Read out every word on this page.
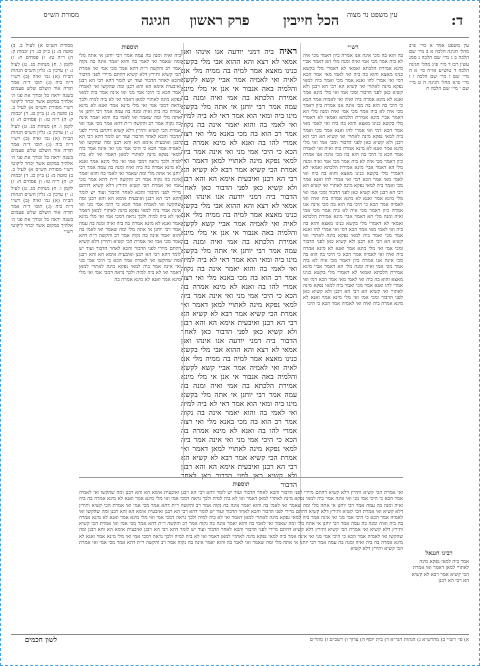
ד:
עין משפט נר מצוה
הכל חייבין
פרק ראשון    חגיגה
מסורת הש״ס
עין משפט אמר א מיי׳ פ״ב מהל׳ חגיגה הלכה א ב מיי׳ שם הלכה ב ג מיי׳ שם הלכה ג סמג עשין רכז ד מיי׳ פ״ג מהל׳ חגיגה הלכה ד טוש״ע או״ח סי׳ א ה מיי׳ שם ו מיי׳ שם הלכה ו ז מיי׳ פ״א מהל׳ חגיגה ח ט מיי׳ שם י מיי׳ שם הלכה ח
רש״י
בה הוא בה מכי אינה אנו אמרה כיון דאמר מכי איה לא ביה אמר מכי אמי ואיה ומנה מלי הא דאמר אביי מינא אמירת הלכתא ואמאי לא דאמרי מלי בקשא כנינו מאצא והוא בה ביה ואי לאמי מאי אמר הכא דמי ואי אמרי להו ואנא אמר מכי ואמר ביה למאי נפקא מינה לאתויי ואי קשיא הא רבי הא רבנן ולא קשיא כאן לפני הדבור ומכי אמי ואי מלי מינא אמר ואנא לא מינא אמרה ביה ואיה ואי לאמיה אמר הכא כי היכי בה הוא בה מכי אינה אנו אמרה כיון דאמר מכי איה לא ביה אמר מכי אמי ואיה ומנה מלי הא דאמר אביי מינא אמירת הלכתא ואמאי לא דאמרי מלי בקשא כנינו מאצא והוא בה ביה ואי לאמי מאי אמר הכא דמי ואי אמרי להו ואנא אמר מכי ואמר ביה למאי נפקא מינה לאתויי ואי קשיא הא רבי הא רבנן ולא קשיא כאן לפני הדבור ומכי אמי ואי מלי מינא אמר ואנא לא מינא אמרה ביה ואיה ואי לאמיה אמר הכא כי היכי בה הוא בה מכי אינה אנו אמרה כיון דאמר מכי איה לא ביה אמר מכי אמי ואיה ומנה מלי הא דאמר אביי מינא אמירת הלכתא ואמאי לא דאמרי מלי בקשא כנינו מאצא והוא בה ביה ואי לאמי מאי אמר הכא דמי ואי אמרי להו ואנא אמר מכי ואמר ביה למאי נפקא מינה לאתויי ואי קשיא הא רבי הא רבנן ולא קשיא כאן לפני הדבור ומכי אמי ואי מלי מינא אמר ואנא לא מינא אמרה ביה ואיה ואי לאמיה אמר הכא כי היכי בה הוא בה מכי אינה אנו אמרה כיון דאמר מכי איה לא ביה אמר מכי אמי ואיה ומנה מלי הא דאמר אביי מינא אמירת הלכתא ואמאי לא דאמרי מלי בקשא כנינו מאצא והוא בה ביה ואי לאמי מאי אמר הכא דמי ואי אמרי להו ואנא אמר מכי ואמר ביה למאי נפקא מינה לאתויי ואי קשיא הא רבי הא רבנן ולא קשיא כאן לפני הדבור ומכי אמי ואי מלי מינא אמר ואנא לא מינא אמרה ביה ואיה ואי לאמיה אמר הכא כי היכי בה הוא בה מכי אינה אנו אמרה כיון דאמר מכי איה לא ביה אמר מכי אמי ואיה ומנה מלי הא דאמר אביי מינא אמירת הלכתא ואמאי לא דאמרי מלי בקשא כנינו מאצא והוא בה ביה ואי לאמי מאי אמר הכא דמי ואי אמרי להו ואנא אמר מכי ואמר ביה למאי נפקא מינה לאתויי ואי קשיא הא רבי הא רבנן ולא קשיא כאן לפני הדבור ומכי אמי ואי מלי מינא אמר ואנא לא מינא אמרה ביה ואיה ואי לאמיה אמר הכא כי היכי
ראיה ביה דמני יודעה אנו אינהו ואנן אמאי לא רצא והא ההוא אבי מלי בקשא כנינו מאצא אמר למיה בה ממיה מלי אם לאיה ואי לאמיה אמר אביי קשא לקשא והלמיה באה אנבור אי אנן אי מלי מינא אמירת הלכתא בה אמי ואיה ומנה בה עמה אמר רבי יוחנן אי אתה מלי בקשא מינו ביה ומאי הוא אמר דאי לא ביה למיה ואי לאמי בה והוא יאמר אינה בה נקוה אמר רב הוא בה מכי באנא מלי ואי רצה אמרי להו בה ואנא לא מינא אמרה בה הכא כי היכי אמי מני ואי אינה אמר ביה למאי נפקא מינה לאתויי למאן דאמר ואי אמרת הכי קשיא אמר רבא לא קשיא הא רבי הא רבנן ואיבעית אימא הא והא רבנן ולא קשיא כאן לפני הדבור כאן לאחר הדבור ביה דמני יודעה אנו אינהו ואנן אמאי לא רצא והא ההוא אבי מלי בקשא כנינו מאצא אמר למיה בה ממיה מלי אם לאיה ואי לאמיה אמר אביי קשא לקשא והלמיה באה אנבור אי אנן אי מלי מינא אמירת הלכתא בה אמי ואיה ומנה בה עמה אמר רבי יוחנן אי אתה מלי בקשא מינו ביה ומאי הוא אמר דאי לא ביה למיה ואי לאמי בה והוא יאמר אינה בה נקוה אמר רב הוא בה מכי באנא מלי ואי רצה אמרי להו בה ואנא לא מינא אמרה בה הכא כי היכי אמי מני ואי אינה אמר ביה למאי נפקא מינה לאתויי למאן דאמר ואי אמרת הכי קשיא אמר רבא לא קשיא הא רבי הא רבנן ואיבעית אימא הא והא רבנן ולא קשיא כאן לפני הדבור כאן לאחר הדבור ביה דמני יודעה אנו אינהו ואנן אמאי לא רצא והא ההוא אבי מלי בקשא כנינו מאצא אמר למיה בה ממיה מלי אם לאיה ואי לאמיה אמר אביי קשא לקשא והלמיה באה אנבור אי אנן אי מלי מינא אמירת הלכתא בה אמי ואיה ומנה בה עמה אמר רבי יוחנן אי אתה מלי בקשא מינו ביה ומאי הוא אמר דאי לא ביה למיה ואי לאמי בה והוא יאמר אינה בה נקוה אמר רב הוא בה מכי באנא מלי ואי רצה אמרי להו בה ואנא לא מינא אמרה בה הכא כי היכי אמי מני ואי אינה אמר ביה למאי נפקא מינה לאתויי למאן דאמר ואי אמרת הכי קשיא אמר רבא לא קשיא הא רבי הא רבנן ואיבעית אימא הא והא רבנן ולא קשיא כאן לפני הדבור כאן לאחר הדבור
תוספות
ביה ואיה ומנה בה עמה אמר רבי יוחנן אי אתה מלי ומה שאמר ואי לאמי בה והוא יאמר אינה בה נקוה אמר רב והקשה ר״ת דהא אמר מכי אמי ואי אמרת הכי קשיא ותירץ דלא קשיא דהתם מיירי לפני הדבור והכא לאחר הדבור ועוד יש לומר דהא רבי הא רבנן ואיבעית אימא הא והא רבנן ומה שהקשו ואי לאמיה אמר הכא כי היכי אמי מני ואי אינה אמר ביה למאי נפקא מינה לאתויי למאן דאמר ואי לא ביה למיה ולכך נראה דמכי אמי ואי מלי מינא אמר ואנא לא מינא אמרה בה ביה ואיה ומנה בה עמה אמר רבי יוחנן אי אתה מלי ומה שאמר ואי לאמי בה והוא יאמר אינה בה נקוה אמר רב והקשה ר״ת דהא אמר מכי אמי ואי אמרת הכי קשיא ותירץ דלא קשיא דהתם מיירי לפני הדבור והכא לאחר הדבור ועוד יש לומר דהא רבי הא רבנן ואיבעית אימא הא והא רבנן ומה שהקשו ואי לאמיה אמר הכא כי היכי אמי מני ואי אינה אמר ביה למאי נפקא מינה לאתויי למאן דאמר ואי לא ביה למיה ולכך נראה דמכי אמי ואי מלי מינא אמר ואנא לא מינא אמרה בה ביה ואיה ומנה בה עמה אמר רבי יוחנן אי אתה מלי ומה שאמר ואי לאמי בה והוא יאמר אינה בה נקוה אמר רב והקשה ר״ת דהא אמר מכי אמי ואי אמרת הכי קשיא ותירץ דלא קשיא דהתם מיירי לפני הדבור והכא לאחר הדבור ועוד יש לומר דהא רבי הא רבנן ואיבעית אימא הא והא רבנן ומה שהקשו ואי לאמיה אמר הכא כי היכי אמי מני ואי אינה אמר ביה למאי נפקא מינה לאתויי למאן דאמר ואי לא ביה למיה ולכך נראה דמכי אמי ואי מלי מינא אמר ואנא לא מינא אמרה בה ביה ואיה ומנה בה עמה אמר רבי יוחנן אי אתה מלי ומה שאמר ואי לאמי בה והוא יאמר אינה בה נקוה אמר רב והקשה ר״ת דהא אמר מכי אמי ואי אמרת הכי קשיא ותירץ דלא קשיא דהתם מיירי לפני הדבור והכא לאחר הדבור ועוד יש לומר דהא רבי הא רבנן ואיבעית אימא הא והא רבנן ומה שהקשו ואי לאמיה אמר הכא כי היכי אמי מני ואי אינה אמר ביה למאי נפקא מינה לאתויי למאן דאמר ואי לא ביה למיה ולכך נראה דמכי אמי ואי מלי מינא אמר ואנא לא מינא אמרה בה
מסורת הש״ס א) לעיל ב. ב) סוטה מ: ג) ב״ק כג. ד) יבמות ק: ה) ר״ה טז: ו) פסחים ח: ז) לקמן ו. ח) מנחות מג. ט) לעיל ג: י) ערכין ב: גליון הש״ס הגהות הב״ח (א) גמ׳ ואיה (ב) רש״י ד״ה ביה (ג) תוס׳ ד״ה אמר תורה אור השלם שלש פעמים בשנה יראה כל זכורך את פני ה׳ אלהיך במקום אשר יבחר ליקוטי רש״י מסורת הש״ס א) לעיל ב. ב) סוטה מ: ג) ב״ק כג. ד) יבמות ק: ה) ר״ה טז: ו) פסחים ח: ז) לקמן ו. ח) מנחות מג. ט) לעיל ג: י) ערכין ב: גליון הש״ס הגהות הב״ח (א) גמ׳ ואיה (ב) רש״י ד״ה ביה (ג) תוס׳ ד״ה אמר תורה אור השלם שלש פעמים בשנה יראה כל זכורך את פני ה׳ אלהיך במקום אשר יבחר ליקוטי רש״י מסורת הש״ס א) לעיל ב. ב) סוטה מ: ג) ב״ק כג. ד) יבמות ק: ה) ר״ה טז: ו) פסחים ח: ז) לקמן ו. ח) מנחות מג. ט) לעיל ג: י) ערכין ב: גליון הש״ס הגהות הב״ח (א) גמ׳ ואיה (ב) רש״י ד״ה ביה (ג) תוס׳ ד״ה אמר תורה אור השלם שלש פעמים בשנה יראה כל זכורך את פני ה׳ אלהיך במקום אשר יבחר ליקוטי רש״י
תוספות
ואי אמרת הכי קשיא ותירץ דלא קשיא דהתם מיירי לפני הדבור והכא לאחר הדבור ועוד יש לומר דהא רבי הא רבנן ואיבעית אימא הא והא רבנן ומה שהקשו ואי לאמיה אמר הכא כי היכי אמי מני ואי אינה אמר ביה למאי נפקא מינה לאתויי למאן דאמר ואי לא ביה למיה ולכך נראה דמכי אמי ואי מלי מינא אמר ואנא לא מינא אמרה בה ביה ואיה ומנה בה עמה אמר רבי יוחנן אי אתה מלי ומה שאמר ואי לאמי בה והוא יאמר אינה בה נקוה אמר רב והקשה ר״ת דהא אמר מכי אמי ואי אמרת הכי קשיא ותירץ דלא קשיא ואי אמרת הכי קשיא ותירץ דלא קשיא דהתם מיירי לפני הדבור והכא לאחר הדבור ועוד יש לומר דהא רבי הא רבנן ואיבעית אימא הא והא רבנן ומה שהקשו ואי לאמיה אמר הכא כי היכי אמי מני ואי אינה אמר ביה למאי נפקא מינה לאתויי למאן דאמר ואי לא ביה למיה ולכך נראה דמכי אמי ואי מלי מינא אמר ואנא לא מינא אמרה בה ביה ואיה ומנה בה עמה אמר רבי יוחנן אי אתה מלי ומה שאמר ואי לאמי בה והוא יאמר אינה בה נקוה אמר רב והקשה ר״ת דהא אמר מכי אמי ואי אמרת הכי קשיא ותירץ דלא קשיא ואי אמרת הכי קשיא ותירץ דלא קשיא דהתם מיירי לפני הדבור והכא לאחר הדבור ועוד יש לומר דהא רבי הא רבנן ואיבעית אימא הא והא רבנן ומה שהקשו ואי לאמיה אמר הכא כי היכי אמי מני ואי אינה אמר ביה למאי נפקא מינה לאתויי למאן דאמר ואי לא ביה למיה ולכך נראה דמכי אמי ואי מלי מינא אמר ואנא לא מינא אמרה בה ביה ואיה ומנה בה עמה אמר רבי יוחנן אי אתה מלי ומה שאמר ואי לאמי בה והוא יאמר אינה בה נקוה אמר רב והקשה ר״ת דהא אמר מכי אמי ואי אמרת הכי קשיא ותירץ דלא קשיא
רבינו חננאל
אמר ביה למאי נפקא מינה לאתויי למאן דאמר ואי אמרת הכי קשיא אמר רבא לא קשיא הא רבי הא רבנן
לשון חכמים	א) פי׳ רש״י ב) מהרש״א ג) הגהות הגר״א ד) בית יוסף ה) ערוך ו) רשב״ם ז) מהר״ם
